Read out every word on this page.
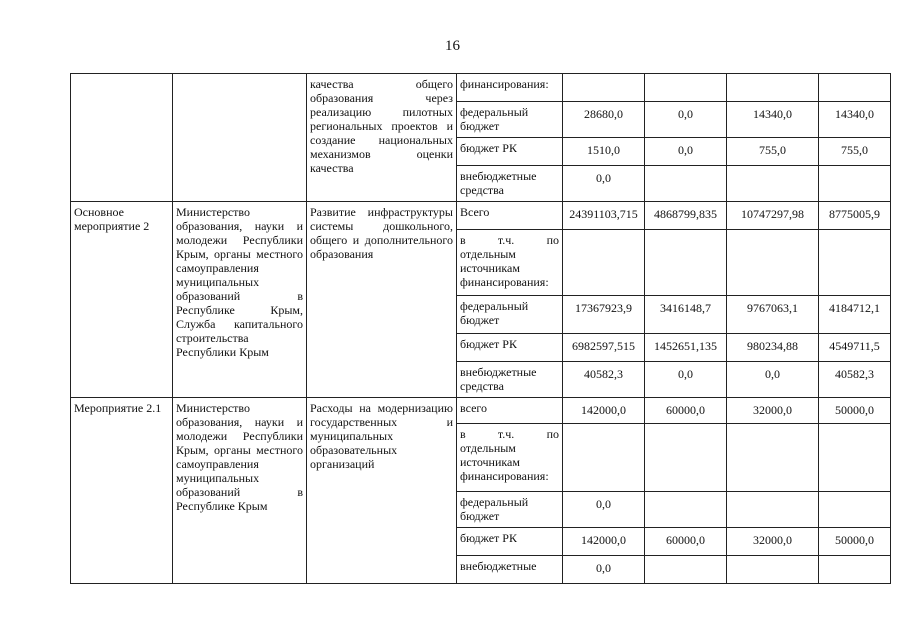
16
		качества общего образования через реализацию пилотных региональных проектов и создание национальных механизмов оценки качества	финансирования:				
			федеральный бюджет	28680,0	0,0	14340,0	14340,0
			бюджет РК	1510,0	0,0	755,0	755,0
			внебюджетные средства	0,0			
Основное мероприятие 2	Министерство образования, науки и молодежи Республики Крым, органы местного самоуправления муниципальных образований в Республике Крым, Служба капитального строительства Республики Крым	Развитие инфраструктуры системы дошкольного, общего и дополнительного образования	Всего	24391103,715	4868799,835	10747297,98	8775005,9
			в т.ч. по отдельным источникам финансирования:				
			федеральный бюджет	17367923,9	3416148,7	9767063,1	4184712,1
			бюджет РК	6982597,515	1452651,135	980234,88	4549711,5
			внебюджетные средства	40582,3	0,0	0,0	40582,3
Мероприятие 2.1	Министерство образования, науки и молодежи Республики Крым, органы местного самоуправления муниципальных образований в Республике Крым	Расходы на модернизацию государственных и муниципальных образовательных организаций	всего	142000,0	60000,0	32000,0	50000,0
			в т.ч. по отдельным источникам финансирования:				
			федеральный бюджет	0,0			
			бюджет РК	142000,0	60000,0	32000,0	50000,0
			внебюджетные	0,0			
